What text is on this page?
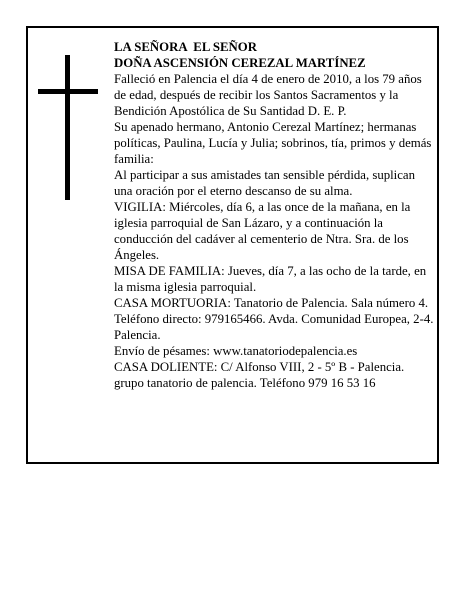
LA SEÑORA  EL SEÑOR

DOÑA ASCENSIÓN CEREZAL MARTÍNEZ

Falleció en Palencia el día 4 de enero de 2010, a los 79 años de edad, después de recibir los Santos Sacramentos y la Bendición Apostólica de Su Santidad D. E. P.

Su apenado hermano, Antonio Cerezal Martínez; hermanas políticas, Paulina, Lucía y Julia; sobrinos, tía, primos y demás familia:

Al participar a sus amistades tan sensible pérdida, suplican una oración por el eterno descanso de su alma.

VIGILIA: Miércoles, día 6, a las once de la mañana, en la iglesia parroquial de San Lázaro, y a continuación la conducción del cadáver al cementerio de Ntra. Sra. de los Ángeles.

MISA DE FAMILIA: Jueves, día 7, a las ocho de la tarde, en la misma iglesia parroquial.

CASA MORTUORIA: Tanatorio de Palencia. Sala número 4. Teléfono directo: 979165466. Avda. Comunidad Europea, 2-4. Palencia.

Envío de pésames: www.tanatoriodepalencia.es

CASA DOLIENTE: C/ Alfonso VIII, 2 - 5º B - Palencia.

grupo tanatorio de palencia. Teléfono 979 16 53 16
